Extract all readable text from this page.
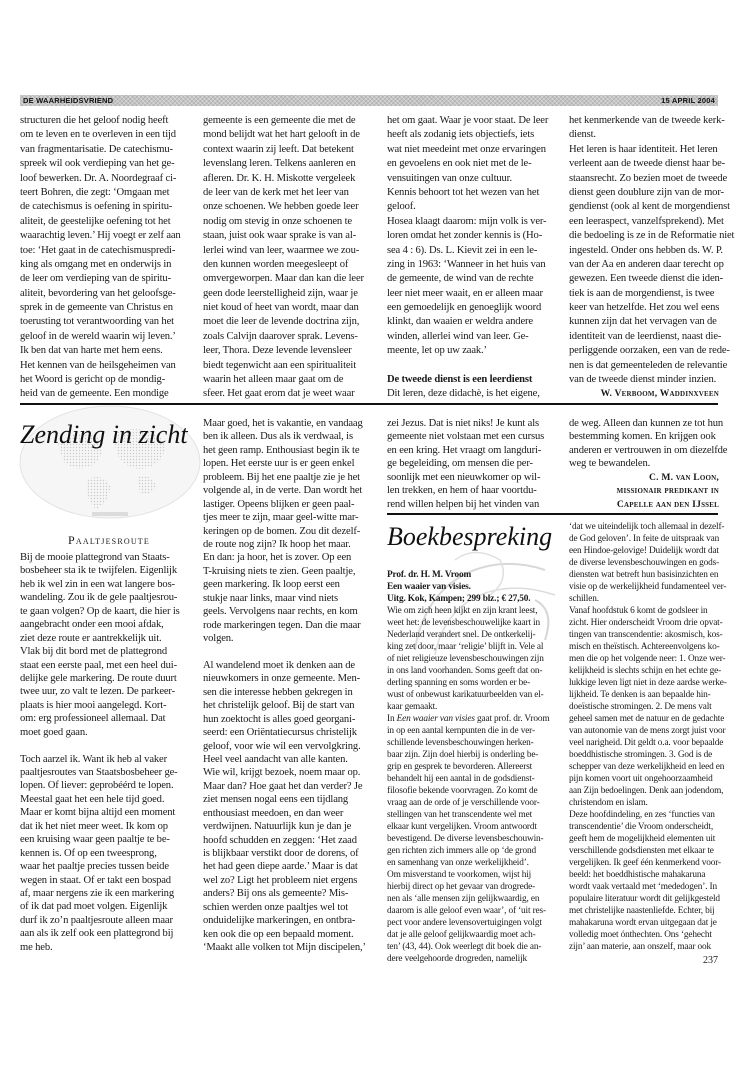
DE WAARHEIDSVRIEND	15 APRIL 2004
structuren die het geloof nodig heeft
om te leven en te overleven in een tijd
van fragmentarisatie. De catechismu-
spreek wil ook verdieping van het ge-
loof bewerken. Dr. A. Noordegraaf ci-
teert Bohren, die zegt: ‘Omgaan met
de catechismus is oefening in spiritu-
aliteit, de geestelijke oefening tot het
waarachtig leven.’ Hij voegt er zelf aan
toe: ‘Het gaat in de catechismuspredi-
king als omgang met en onderwijs in
de leer om verdieping van de spiritu-
aliteit, bevordering van het geloofsge-
sprek in de gemeente van Christus en
toerusting tot verantwoording van het
geloof in de wereld waarin wij leven.’
Ik ben dat van harte met hem eens.
Het kennen van de heilsgeheimen van
het Woord is gericht op de mondig-
heid van de gemeente. Een mondige
gemeente is een gemeente die met de
mond belijdt wat het hart gelooft in de
context waarin zij leeft. Dat betekent
levenslang leren. Telkens aanleren en
afleren. Dr. K. H. Miskotte vergeleek
de leer van de kerk met het leer van
onze schoenen. We hebben goede leer
nodig om stevig in onze schoenen te
staan, juist ook waar sprake is van al-
lerlei wind van leer, waarmee we zou-
den kunnen worden meegesleept of
omvergeworpen. Maar dan kan die leer
geen dode leerstelligheid zijn, waar je
niet koud of heet van wordt, maar dan
moet die leer de levende doctrina zijn,
zoals Calvijn daarover sprak. Levens-
leer, Thora. Deze levende levensleer
biedt tegenwicht aan een spiritualiteit
waarin het alleen maar gaat om de
sfeer. Het gaat erom dat je weet waar
het om gaat. Waar je voor staat. De leer
heeft als zodanig iets objectiefs, iets
wat niet meedeint met onze ervaringen
en gevoelens en ook niet met de le-
vensuitingen van onze cultuur.
Kennis behoort tot het wezen van het
geloof.
Hosea klaagt daarom: mijn volk is ver-
loren omdat het zonder kennis is (Ho-
sea 4 : 6). Ds. L. Kievit zei in een le-
zing in 1963: ‘Wanneer in het huis van
de gemeente, de wind van de rechte
leer niet meer waait, en er alleen maar
een gemoedelijk en genoeglijk woord
klinkt, dan waaien er weldra andere
winden, allerlei wind van leer. Ge-
meente, let op uw zaak.’
De tweede dienst is een leerdienst
Dit leren, deze didachè, is het eigene,
het kenmerkende van de tweede kerk-
dienst.
Het leren is haar identiteit. Het leren
verleent aan de tweede dienst haar be-
staansrecht. Zo bezien moet de tweede
dienst geen doublure zijn van de mor-
gendienst (ook al kent de morgendienst
een leeraspect, vanzelfsprekend). Met
die bedoeling is ze in de Reformatie niet
ingesteld. Onder ons hebben ds. W. P.
van der Aa en anderen daar terecht op
gewezen. Een tweede dienst die iden-
tiek is aan de morgendienst, is twee
keer van hetzelfde. Het zou wel eens
kunnen zijn dat het vervagen van de
identiteit van de leerdienst, naast die-
perliggende oorzaken, een van de rede-
nen is dat gemeenteleden de relevantie
van de tweede dienst minder inzien.
W. Verboom, Waddinxveen
Zending in zicht
Paaltjesroute
Bij de mooie plattegrond van Staats-
bosbeheer sta ik te twijfelen. Eigenlijk
heb ik wel zin in een wat langere bos-
wandeling. Zou ik de gele paaltjesrou-
te gaan volgen? Op de kaart, die hier is
aangebracht onder een mooi afdak,
ziet deze route er aantrekkelijk uit.
Vlak bij dit bord met de plattegrond
staat een eerste paal, met een heel dui-
delijke gele markering. De route duurt
twee uur, zo valt te lezen. De parkeer-
plaats is hier mooi aangelegd. Kort-
om: erg professioneel allemaal. Dat
moet goed gaan.
Toch aarzel ik. Want ik heb al vaker
paaltjesroutes van Staatsbosbeheer ge-
lopen. Of liever: geprobéérd te lopen.
Meestal gaat het een hele tijd goed.
Maar er komt bijna altijd een moment
dat ik het niet meer weet. Ik kom op
een kruising waar geen paaltje te be-
kennen is. Of op een tweesprong,
waar het paaltje precies tussen beide
wegen in staat. Of er takt een bospad
af, maar nergens zie ik een markering
of ik dat pad moet volgen. Eigenlijk
durf ik zo’n paaltjesroute alleen maar
aan als ik zelf ook een plattegrond bij
me heb.
Maar goed, het is vakantie, en vandaag
ben ik alleen. Dus als ik verdwaal, is
het geen ramp. Enthousiast begin ik te
lopen. Het eerste uur is er geen enkel
probleem. Bij het ene paaltje zie je het
volgende al, in de verte. Dan wordt het
lastiger. Opeens blijken er geen paal-
tjes meer te zijn, maar geel-witte mar-
keringen op de bomen. Zou dit dezelf-
de route nog zijn? Ik hoop het maar.
En dan: ja hoor, het is zover. Op een
T-kruising niets te zien. Geen paaltje,
geen markering. Ik loop eerst een
stukje naar links, maar vind niets
geels. Vervolgens naar rechts, en kom
rode markeringen tegen. Dan die maar
volgen.
Al wandelend moet ik denken aan de
nieuwkomers in onze gemeente. Men-
sen die interesse hebben gekregen in
het christelijk geloof. Bij de start van
hun zoektocht is alles goed georgani-
seerd: een Oriëntatiecursus christelijk
geloof, voor wie wil een vervolgkring.
Heel veel aandacht van alle kanten.
Wie wil, krijgt bezoek, noem maar op.
Maar dan? Hoe gaat het dan verder? Je
ziet mensen nogal eens een tijdlang
enthousiast meedoen, en dan weer
verdwijnen. Natuurlijk kun je dan je
hoofd schudden en zeggen: ‘Het zaad
is blijkbaar verstikt door de dorens, of
het had geen diepe aarde.’ Maar is dat
wel zo? Ligt het probleem niet ergens
anders? Bij ons als gemeente? Mis-
schien werden onze paaltjes wel tot
onduidelijke markeringen, en ontbra-
ken ook die op een bepaald moment.
‘Maakt alle volken tot Mijn discipelen,’
zei Jezus. Dat is niet niks! Je kunt als
gemeente niet volstaan met een cursus
en een kring. Het vraagt om langduri-
ge begeleiding, om mensen die per-
soonlijk met een nieuwkomer op wil-
len trekken, en hem of haar voortdu-
rend willen helpen bij het vinden van
de weg. Alleen dan kunnen ze tot hun
bestemming komen. En krijgen ook
anderen er vertrouwen in om diezelfde
weg te bewandelen.
C. M. van Loon,
missionair predikant in
Capelle aan den IJssel
Boekbespreking
Prof. dr. H. M. Vroom
Een waaier van visies.
Uitg. Kok, Kampen; 299 blz.; € 27,50.
Wie om zich heen kijkt en zijn krant leest,
weet het: de levensbeschouwelijke kaart in
Nederland verandert snel. De ontkerkelij-
king zet door, maar ‘religie’ blijft in. Vele al
of niet religieuze levensbeschouwingen zijn
in ons land voorhanden. Soms geeft dat on-
derling spanning en soms worden er be-
wust of onbewust karikatuurbeelden van el-
kaar gemaakt.
In Een waaier van visies gaat prof. dr. Vroom
in op een aantal kernpunten die in de ver-
schillende levensbeschouwingen herken-
baar zijn. Zijn doel hierbij is onderling be-
grip en gesprek te bevorderen. Allereerst
behandelt hij een aantal in de godsdienst-
filosofie bekende voorvragen. Zo komt de
vraag aan de orde of je verschillende voor-
stellingen van het transcendente wel met
elkaar kunt vergelijken. Vroom antwoordt
bevestigend. De diverse levensbeschouwin-
gen richten zich immers alle op ‘de grond
en samenhang van onze werkelijkheid’.
Om misverstand te voorkomen, wijst hij
hierbij direct op het gevaar van drogrede-
nen als ‘alle mensen zijn gelijkwaardig, en
daarom is alle geloof even waar’, of ‘uit res-
pect voor andere levensovertuigingen volgt
dat je alle geloof gelijkwaardig moet ach-
ten’ (43, 44). Ook weerlegt dit boek die an-
dere veelgehoorde drogreden, namelijk
‘dat we uiteindelijk toch allemaal in dezelf-
de God geloven’. In feite de uitspraak van
een Hindoe-gelovige! Duidelijk wordt dat
de diverse levensbeschouwingen en gods-
diensten wat betreft hun basisinzichten en
visie op de werkelijkheid fundamenteel ver-
schillen.
Vanaf hoofdstuk 6 komt de godsleer in
zicht. Hier onderscheidt Vroom drie opvat-
tingen van transcendentie: akosmisch, kos-
misch en theïstisch. Achtereenvolgens ko-
men die op het volgende neer: 1. Onze wer-
kelijkheid is slechts schijn en het echte ge-
lukkige leven ligt niet in deze aardse werke-
lijkheid. Te denken is aan bepaalde hin-
doeïstische stromingen. 2. De mens valt
geheel samen met de natuur en de gedachte
van autonomie van de mens zorgt juist voor
veel narigheid. Dit geldt o.a. voor bepaalde
boeddhistische stromingen. 3. God is de
schepper van deze werkelijkheid en leed en
pijn komen voort uit ongehoorzaamheid
aan Zijn bedoelingen. Denk aan jodendom,
christendom en islam.
Deze hoofdindeling, en zes ‘functies van
transcendentie’ die Vroom onderscheidt,
geeft hem de mogelijkheid elementen uit
verschillende godsdiensten met elkaar te
vergelijken. Ik geef één kenmerkend voor-
beeld: het boeddhistische mahakaruna
wordt vaak vertaald met ‘mededogen’. In
populaire literatuur wordt dit gelijkgesteld
met christelijke naastenliefde. Echter, bij
mahakaruna wordt ervan uitgegaan dat je
volledig moet ónthechten. Ons ‘gehecht
zijn’ aan materie, aan onszelf, maar ook
237
